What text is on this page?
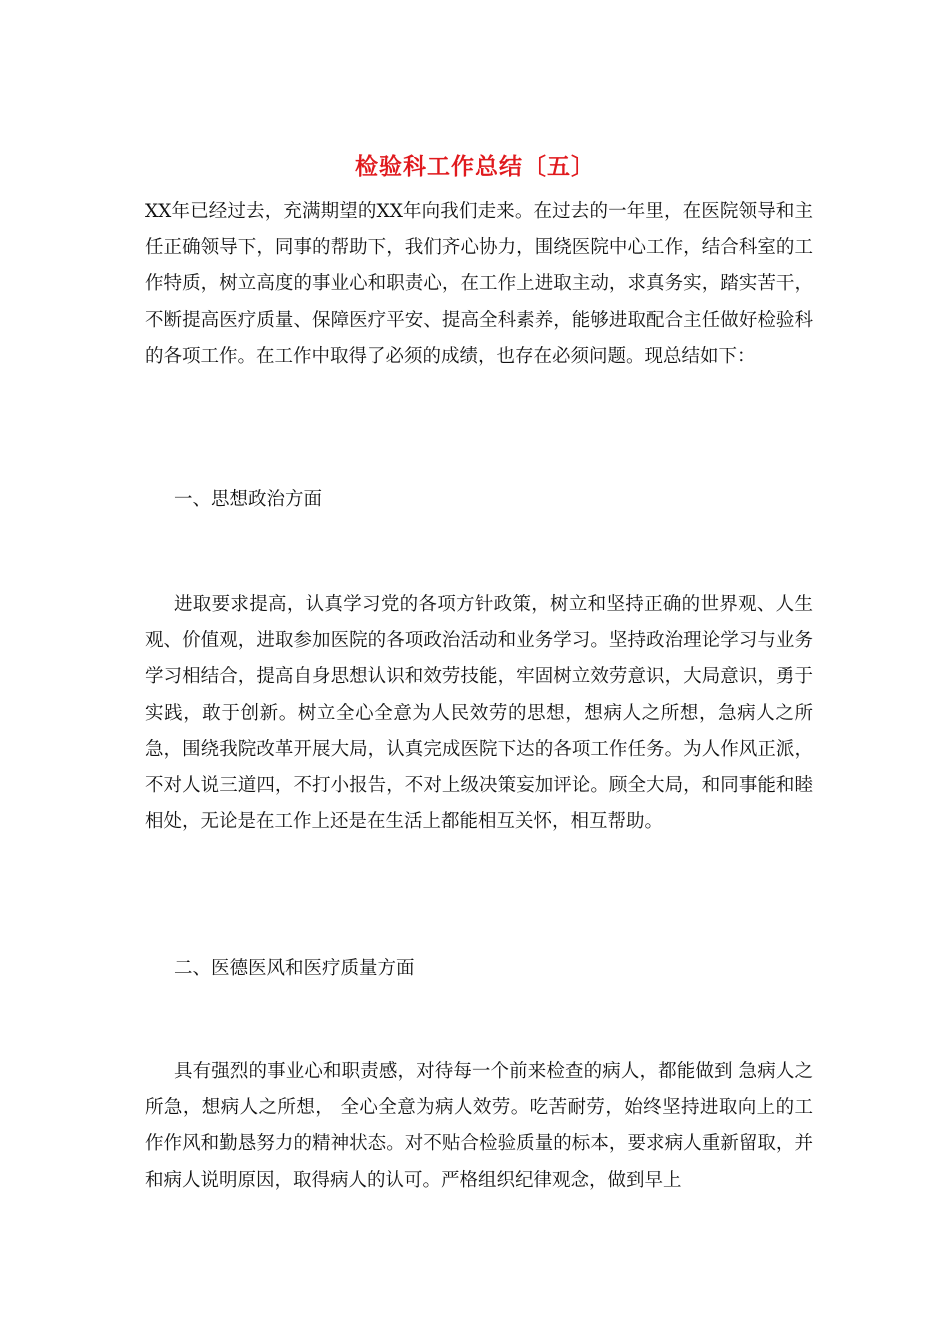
检验科工作总结〔五〕
XX年已经过去，充满期望的XX年向我们走来。在过去的一年里，在医院领导和主任正确领导下，同事的帮助下，我们齐心协力，围绕医院中心工作，结合科室的工作特质，树立高度的事业心和职责心，在工作上进取主动，求真务实，踏实苦干，不断提高医疗质量、保障医疗平安、提高全科素养，能够进取配合主任做好检验科的各项工作。在工作中取得了必须的成绩，也存在必须问题。现总结如下：
一、思想政治方面
进取要求提高，认真学习党的各项方针政策，树立和坚持正确的世界观、人生观、价值观，进取参加医院的各项政治活动和业务学习。坚持政治理论学习与业务学习相结合，提高自身思想认识和效劳技能，牢固树立效劳意识，大局意识，勇于实践，敢于创新。树立全心全意为人民效劳的思想，想病人之所想，急病人之所急，围绕我院改革开展大局，认真完成医院下达的各项工作任务。为人作风正派，不对人说三道四，不打小报告，不对上级决策妄加评论。顾全大局，和同事能和睦相处，无论是在工作上还是在生活上都能相互关怀，相互帮助。
二、医德医风和医疗质量方面
具有强烈的事业心和职责感，对待每一个前来检查的病人，都能做到 急病人之所急，想病人之所想， 全心全意为病人效劳。吃苦耐劳，始终坚持进取向上的工作作风和勤恳努力的精神状态。对不贴合检验质量的标本，要求病人重新留取，并和病人说明原因，取得病人的认可。严格组织纪律观念，做到早上
